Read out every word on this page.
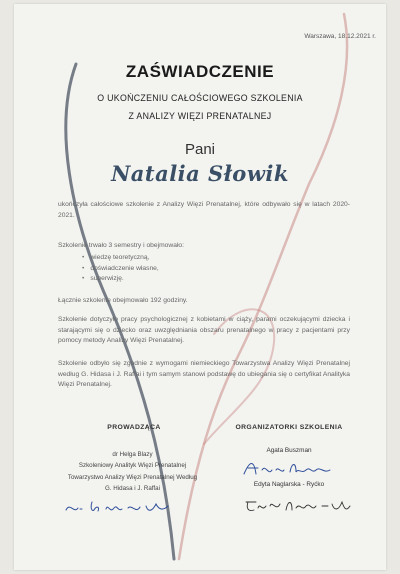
Warszawa, 18.12.2021 r.
ZAŚWIADCZENIE
O UKOŃCZENIU CAŁOŚCIOWEGO SZKOLENIA
Z ANALIZY WIĘZI PRENATALNEJ
Pani
Natalia Słowik
ukończyła całościowe szkolenie z Analizy Więzi Prenatalnej, które odbywało się w latach 2020-2021.
Szkolenie trwało 3 semestry i obejmowało:
• wiedzę teoretyczną,
• doświadczenie własne,
• superwizję.
Łącznie szkolenie obejmowało 192 godziny.
Szkolenie dotyczyło pracy psychologicznej z kobietami w ciąży, parami oczekującymi dziecka i starającymi się o dziecko oraz uwzględniania obszaru prenatalnego w pracy z pacjentami przy pomocy metody Analizy Więzi Prenatalnej.
Szkolenie odbyło się zgodnie z wymogami niemieckiego Towarzystwa Analizy Więzi Prenatalnej według G. Hidasa i J. Raffai i tym samym stanowi podstawę do ubiegania się o certyfikat Analityka Więzi Prenatalnej.
PROWADZĄCA	ORGANIZATORKI SZKOLENIA
dr Helga Blazy
Szkoleniowy Analityk Więzi Prenatalnej
Towarzystwo Analizy Więzi Prenatalnej Według
G. Hidasa i J. Raffai
Agata Buszman
Edyta Naglarska - Ryćko
